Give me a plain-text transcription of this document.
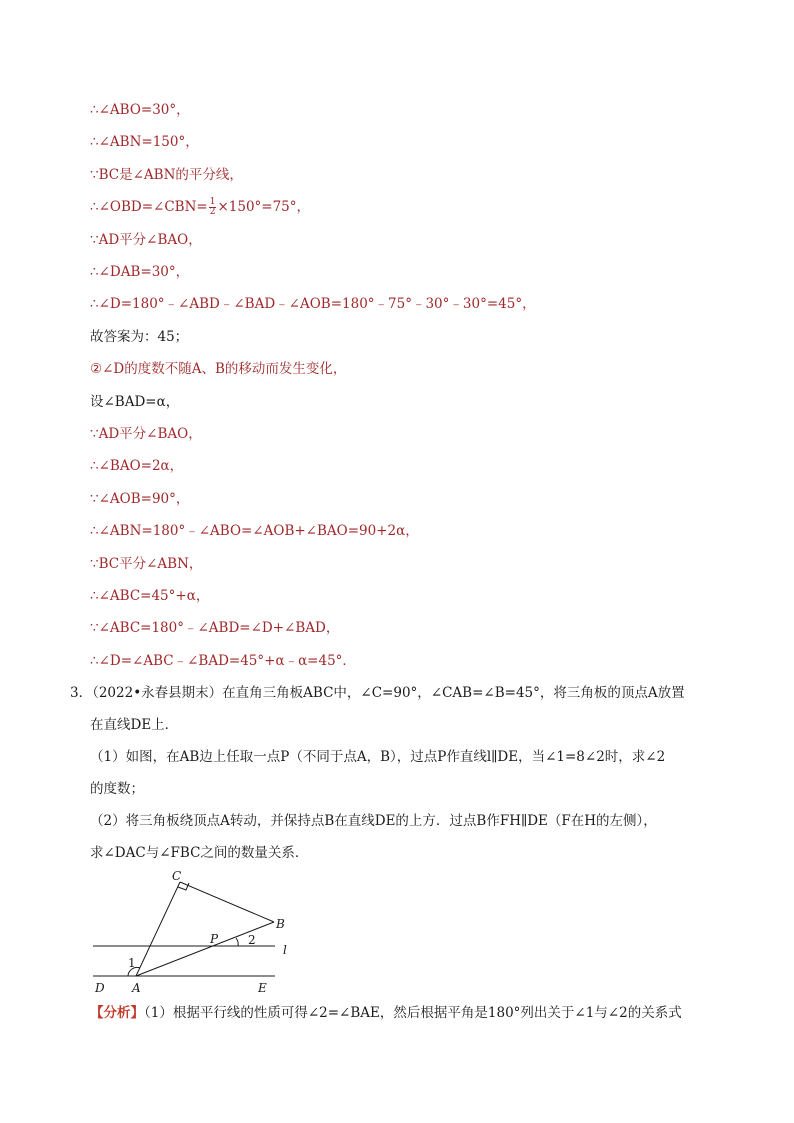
∴∠ABO=30°，
∴∠ABN=150°，
∵BC是∠ABN的平分线，
∴∠OBD=∠CBN= $\frac{1}{2} \times 150^\circ=75^\circ$，
∵AD平分∠BAO，
∴∠DAB=30°，
∴∠D=180°﹣∠ABD﹣∠BAD﹣∠AOB=180°﹣75°﹣30°﹣30°=45°，
故答案为：45；
②∠D的度数不随A、B的移动而发生变化，
设∠BAD=α，
∵AD平分∠BAO，
∴∠BAO=2α，
∵∠AOB=90°，
∴∠ABN=180°﹣∠ABO=∠AOB+∠BAO=90+2α，
∵BC平分∠ABN，
∴∠ABC=45°+α，
∵∠ABC=180°﹣∠ABD=∠D+∠BAD，
∴∠D=∠ABC﹣∠BAD=45°+α﹣α=45°．
3．（2022•永春县期末）在直角三角板ABC中，∠C=90°，∠CAB=∠B=45°，将三角板的顶点A放置
在直线DE上．
（1）如图，在AB边上任取一点P（不同于点A，B），过点P作直线l∥DE，当∠1=8∠2时，求∠2
的度数；
（2）将三角板绕顶点A转动，并保持点B在直线DE的上方．过点B作FH∥DE（F在H的左侧），
求∠DAC与∠FBC之间的数量关系．
C
B
P
A
D	E
l
1
2
【分析】（1）根据平行线的性质可得∠2=∠BAE，然后根据平角是180°列出关于∠1与∠2的关系式
